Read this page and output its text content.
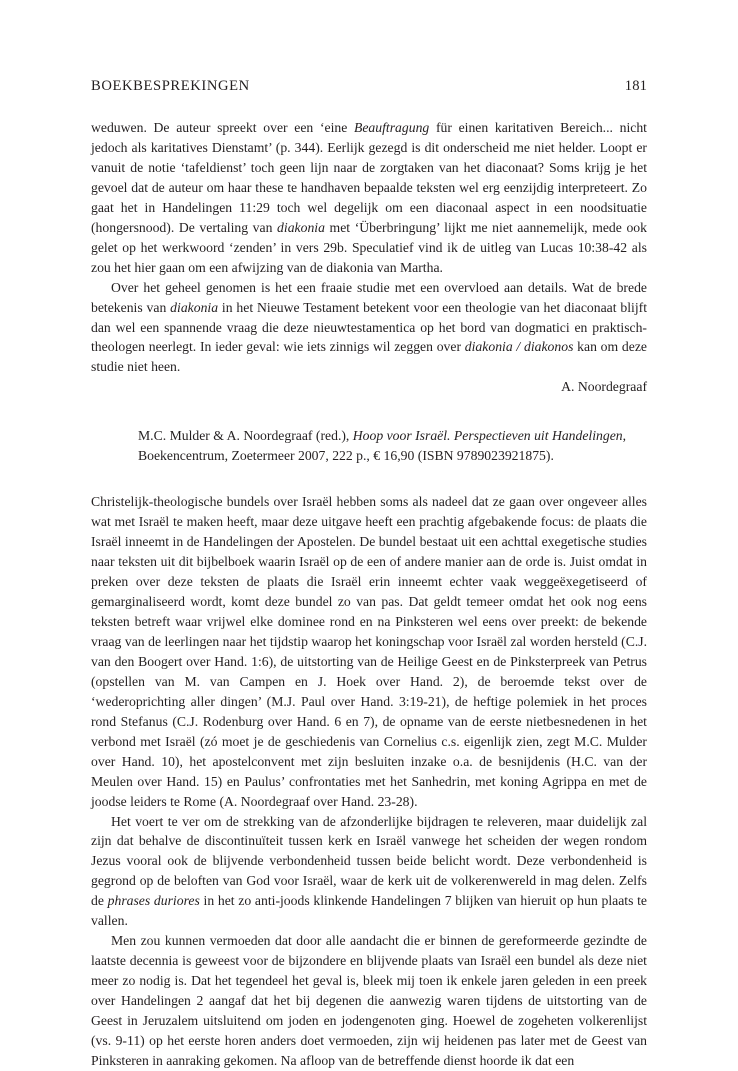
BOEKBESPREKINGEN	181

weduwen. De auteur spreekt over een ‘eine Beauftragung für einen karitativen Bereich... nicht jedoch als karitatives Dienstamt’ (p. 344). Eerlijk gezegd is dit onderscheid me niet helder. Loopt er vanuit de notie ‘tafeldienst’ toch geen lijn naar de zorgtaken van het diaconaat? Soms krijg je het gevoel dat de auteur om haar these te handhaven bepaalde teksten wel erg eenzijdig interpreteert. Zo gaat het in Handelingen 11:29 toch wel degelijk om een diaconaal aspect in een noodsituatie (hongersnood). De vertaling van diakonia met ‘Überbringung’ lijkt me niet aannemelijk, mede ook gelet op het werkwoord ‘zenden’ in vers 29b. Speculatief vind ik de uitleg van Lucas 10:38-42 als zou het hier gaan om een afwijzing van de diakonia van Martha.

Over het geheel genomen is het een fraaie studie met een overvloed aan details. Wat de brede betekenis van diakonia in het Nieuwe Testament betekent voor een theologie van het diaconaat blijft dan wel een spannende vraag die deze nieuwtestamentica op het bord van dogmatici en praktisch-theologen neerlegt. In ieder geval: wie iets zinnigs wil zeggen over diakonia / diakonos kan om deze studie niet heen.

A. Noordegraaf

M.C. Mulder & A. Noordegraaf (red.), Hoop voor Israël. Perspectieven uit Handelingen,
Boekencentrum, Zoetermeer 2007, 222 p., € 16,90 (ISBN 9789023921875).

Christelijk-theologische bundels over Israël hebben soms als nadeel dat ze gaan over ongeveer alles wat met Israël te maken heeft, maar deze uitgave heeft een prachtig afgebakende focus: de plaats die Israël inneemt in de Handelingen der Apostelen. De bundel bestaat uit een achttal exegetische studies naar teksten uit dit bijbelboek waarin Israël op de een of andere manier aan de orde is. Juist omdat in preken over deze teksten de plaats die Israël erin inneemt echter vaak weggeëxegetiseerd of gemarginaliseerd wordt, komt deze bundel zo van pas. Dat geldt temeer omdat het ook nog eens teksten betreft waar vrijwel elke dominee rond en na Pinksteren wel eens over preekt: de bekende vraag van de leerlingen naar het tijdstip waarop het koningschap voor Israël zal worden hersteld (C.J. van den Boogert over Hand. 1:6), de uitstorting van de Heilige Geest en de Pinksterpreek van Petrus (opstellen van M. van Campen en J. Hoek over Hand. 2), de beroemde tekst over de ‘wederoprichting aller dingen’ (M.J. Paul over Hand. 3:19-21), de heftige polemiek in het proces rond Stefanus (C.J. Rodenburg over Hand. 6 en 7), de opname van de eerste nietbesnedenen in het verbond met Israël (zó moet je de geschiedenis van Cornelius c.s. eigenlijk zien, zegt M.C. Mulder over Hand. 10), het apostelconvent met zijn besluiten inzake o.a. de besnijdenis (H.C. van der Meulen over Hand. 15) en Paulus’ confrontaties met het Sanhedrin, met koning Agrippa en met de joodse leiders te Rome (A. Noordegraaf over Hand. 23-28).

Het voert te ver om de strekking van de afzonderlijke bijdragen te releveren, maar duidelijk zal zijn dat behalve de discontinuïteit tussen kerk en Israël vanwege het scheiden der wegen rondom Jezus vooral ook de blijvende verbondenheid tussen beide belicht wordt. Deze verbondenheid is gegrond op de beloften van God voor Israël, waar de kerk uit de volkerenwereld in mag delen. Zelfs de phrases duriores in het zo anti-joods klinkende Handelingen 7 blijken van hieruit op hun plaats te vallen.

Men zou kunnen vermoeden dat door alle aandacht die er binnen de gereformeerde gezindte de laatste decennia is geweest voor de bijzondere en blijvende plaats van Israël een bundel als deze niet meer zo nodig is. Dat het tegendeel het geval is, bleek mij toen ik enkele jaren geleden in een preek over Handelingen 2 aangaf dat het bij degenen die aanwezig waren tijdens de uitstorting van de Geest in Jeruzalem uitsluitend om joden en jodengenoten ging. Hoewel de zogeheten volkerenlijst (vs. 9-11) op het eerste horen anders doet vermoeden, zijn wij heidenen pas later met de Geest van Pinksteren in aanraking gekomen. Na afloop van de betreffende dienst hoorde ik dat een
